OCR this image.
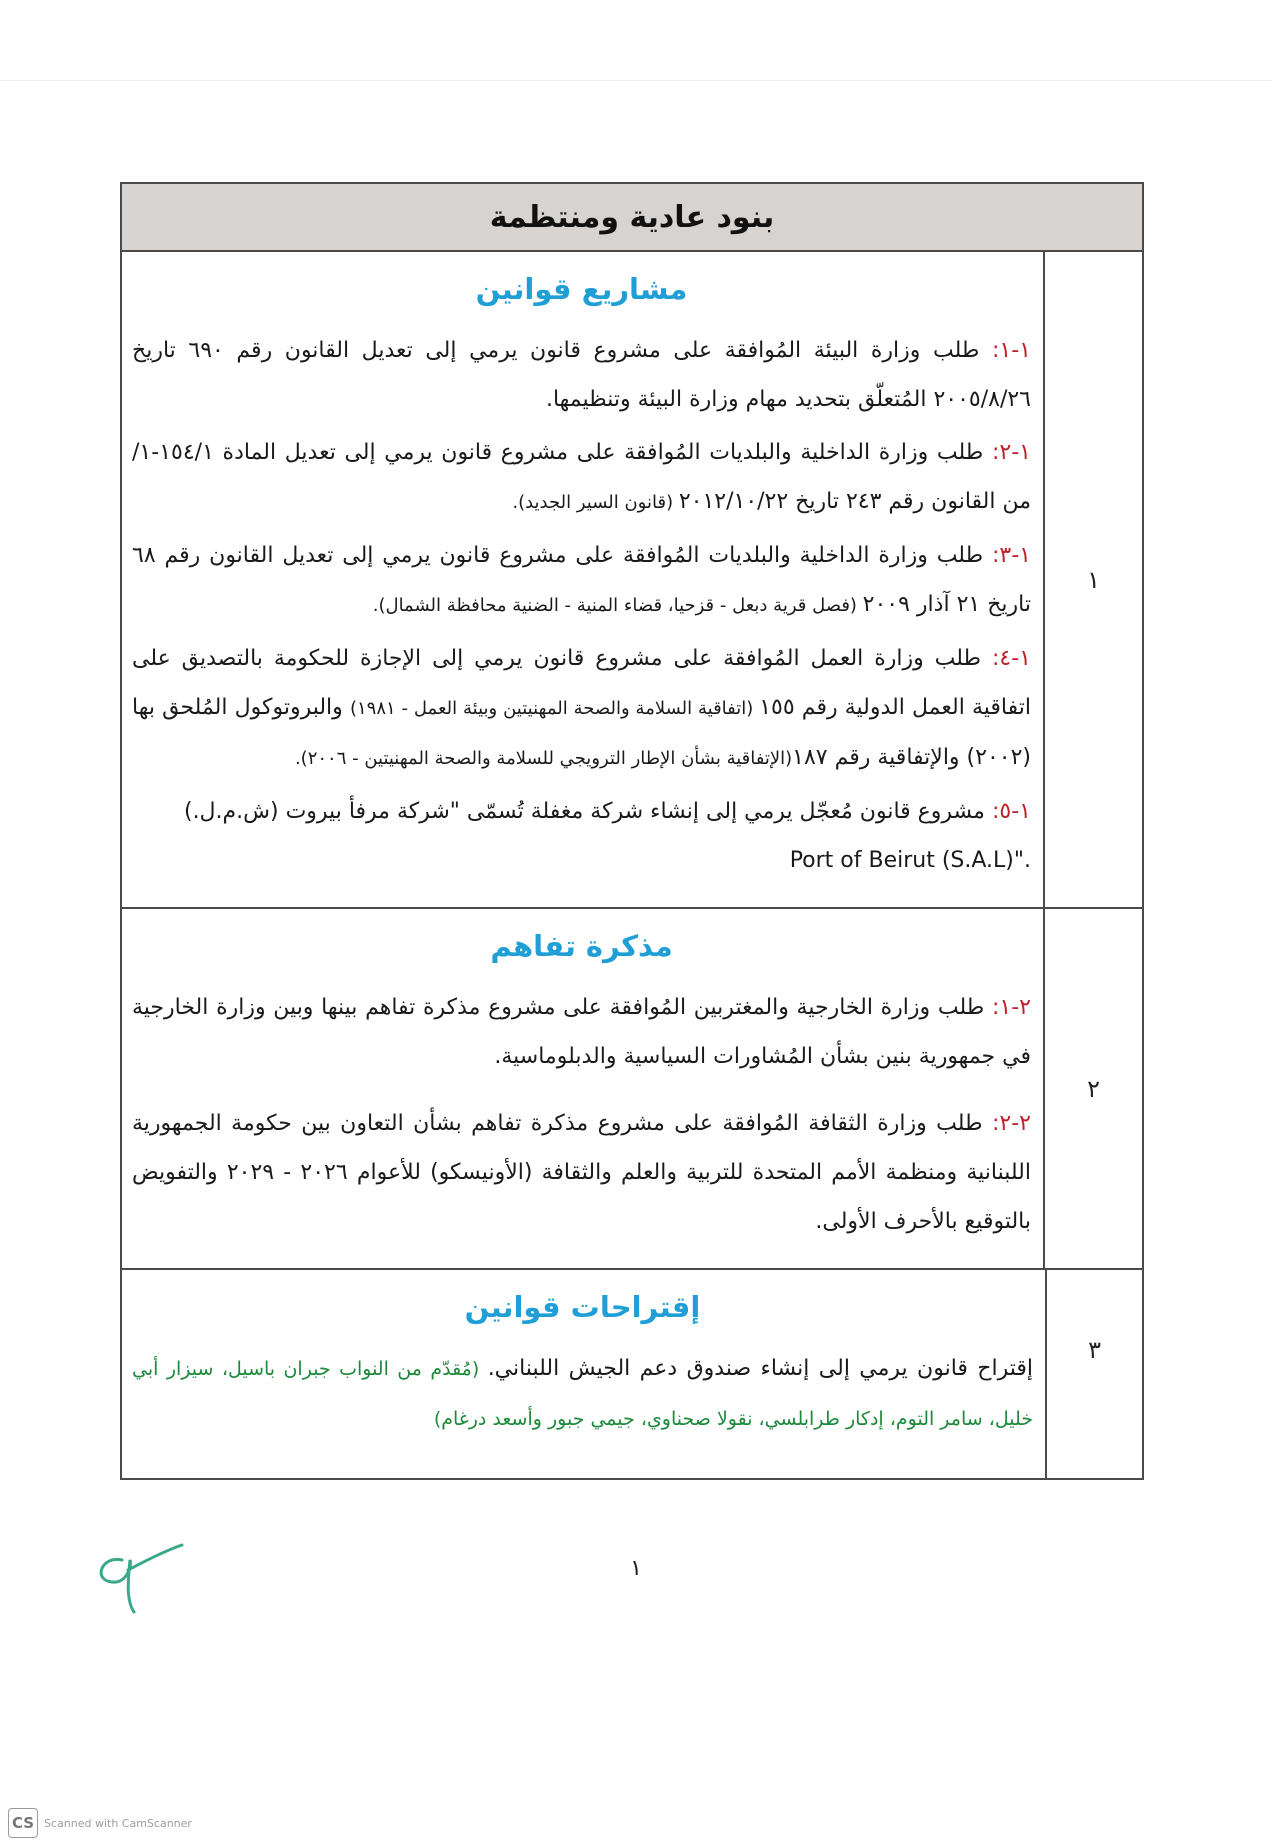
بنود عادية ومنتظمة
١
مشاريع قوانين
١-١: طلب وزارة البيئة المُوافقة على مشروع قانون يرمي إلى تعديل القانون رقم ٦٩٠ تاريخ ٢٠٠٥/٨/٢٦ المُتعلّق بتحديد مهام وزارة البيئة وتنظيمها.
١-٢: طلب وزارة الداخلية والبلديات المُوافقة على مشروع قانون يرمي إلى تعديل المادة ١٥٤/١-١/ من القانون رقم ٢٤٣ تاريخ ٢٠١٢/١٠/٢٢ (قانون السير الجديد).
١-٣: طلب وزارة الداخلية والبلديات المُوافقة على مشروع قانون يرمي إلى تعديل القانون رقم ٦٨ تاريخ ٢١ آذار ٢٠٠٩ (فصل قرية دبعل - قزحيا، قضاء المنية - الضنية محافظة الشمال).
١-٤: طلب وزارة العمل المُوافقة على مشروع قانون يرمي إلى الإجازة للحكومة بالتصديق على اتفاقية العمل الدولية رقم ١٥٥ (اتفاقية السلامة والصحة المهنيتين وبيئة العمل - ١٩٨١) والبروتوكول المُلحق بها (٢٠٠٢) والإتفاقية رقم ١٨٧(الإتفاقية بشأن الإطار الترويجي للسلامة والصحة المهنيتين - ٢٠٠٦).
١-٥: مشروع قانون مُعجّل يرمي إلى إنشاء شركة مغفلة تُسمّى "شركة مرفأ بيروت (ش.م.ل.)
Port of Beirut (S.A.L)".
٢
مذكرة تفاهم
٢-١: طلب وزارة الخارجية والمغتربين المُوافقة على مشروع مذكرة تفاهم بينها وبين وزارة الخارجية في جمهورية بنين بشأن المُشاورات السياسية والدبلوماسية.
٢-٢: طلب وزارة الثقافة المُوافقة على مشروع مذكرة تفاهم بشأن التعاون بين حكومة الجمهورية اللبنانية ومنظمة الأمم المتحدة للتربية والعلم والثقافة (الأونيسكو) للأعوام ٢٠٢٦ - ٢٠٢٩ والتفويض بالتوقيع بالأحرف الأولى.
٣
إقتراحات قوانين
إقتراح قانون يرمي إلى إنشاء صندوق دعم الجيش اللبناني. (مُقدّم من النواب جبران باسيل، سيزار أبي خليل، سامر التوم، إدكار طرابلسي، نقولا صحناوي، جيمي جبور وأسعد درغام)
١
CS Scanned with CamScanner
